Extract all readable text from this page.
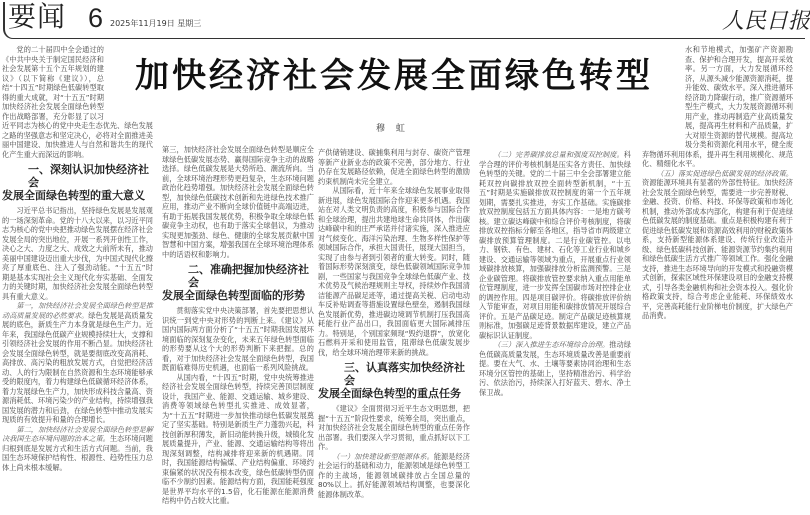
要闻 6 2025年11月19日 星期三	人民日报
加快经济社会发展全面绿色转型
穆 虹

党的二十届四中全会通过的《中共中央关于制定国民经济和社会发展第十五个五年规划的建议》（以下简称《建议》），总结“十四五”时期绿色低碳转型取得的重大成就，对“十五五”时期加快经济社会发展全面绿色转型作出战略部署，充分彰显了以习近平同志为核心的党中央走生态优先、绿色发展之路的坚强意志和坚定决心，必将对全面推进美丽中国建设、加快推进人与自然和谐共生的现代化产生重大而深远的影响。

一、深刻认识加快经济社会
发展全面绿色转型的重大意义

习近平总书记指出，坚持绿色发展是发展观的一场深刻革命。党的十八大以来，以习近平同志为核心的党中央把推动绿色发展摆在经济社会发展全局的突出地位，开展一系列开创性工作，决心之大、力度之大、成效之大前所未有，推动美丽中国建设迈出重大步伐，为中国式现代化擦亮了厚重底色、注入了强劲动能。“十五五”时期是基本实现社会主义现代化夯实基础、全面发力的关键时期，加快经济社会发展全面绿色转型具有重大意义。

第一，加快经济社会发展全面绿色转型是推动高质量发展的必然要求。绿色发展是高质量发展的底色，新质生产力本身就是绿色生产力。近年来，我国绿色低碳产业规模持续壮大，支撑和引领经济社会发展的作用不断凸显。加快经济社会发展全面绿色转型，就是要彻底改变高消耗、高排放、高污染的粗放发展方式，自觉把经济活动、人的行为限制在自然资源和生态环境能够承受的限度内，着力构建绿色低碳循环经济体系，着力发展绿色生产力，加快形成科技含量高、资源消耗低、环境污染少的产业结构，持续增强我国发展的潜力和后劲，在绿色转型中推动发展实现质的有效提升和量的合理增长。

第二，加快经济社会发展全面绿色转型是解决我国生态环境问题的治本之策。生态环境问题归根到底是发展方式和生活方式问题。当前，我国生态环境保护结构性、根源性、趋势性压力总体上尚未根本缓解。

第三，加快经济社会发展全面绿色转型是顺应全球绿色低碳发展态势、赢得国际竞争主动的战略选择。绿色低碳发展是大势所趋、潮流所向。当前，全球环境治理形势更趋复杂，生态环境问题政治化趋势增强。加快经济社会发展全面绿色转型，加快绿色低碳技术创新和先进绿色技术推广应用，推动产业不断向全球价值链中高端迈进，有助于拓展我国发展优势，积极争取全球绿色低碳竞争主动权，也有助于落实全球倡议，为推动实现更加强劲、绿色、健康的全球发展贡献中国智慧和中国方案，增强我国在全球环境治理体系中的话语权和影响力。

二、准确把握加快经济社会
发展全面绿色转型面临的形势

贯彻落实党中央决策部署，首先要把思想认识统一到党中央对形势的判断上来。《建议》从国内国际两方面分析了“十五五”时期我国发展环境面临的深刻复杂变化，未来五年绿色转型面临的形势要从这个大的形势判断下来把握。总的看，对于加快经济社会发展全面绿色转型，我国既面临难得历史机遇，也面临一系列风险挑战。

从国内看，“十四五”时期，党中央统筹推进经济社会发展全面绿色转型，持续完善顶层制度设计，我国产业、能源、交通运输、城乡建设、消费等领域绿色转型扎实推进、成效显著，为“十五五”时期进一步加快推动绿色低碳发展奠定了坚实基础。特别是新质生产力蓬勃兴起，科技创新厚积薄发，新旧动能转换升级，城镇化发展质量提升，产业、能源、交通运输结构等将出现深刻调整，结构减排将迎来新的机遇期。同时，我国能源结构偏煤、产业结构偏重、环境约束偏紧的状况没有根本改变，绿色低碳转型仍面临不少制约因素。能源结构方面，我国能耗强度是世界平均水平的1.5倍，化石能源在能源消费结构中仍占较大比重。

产供储销建设、碳捕集利用与封存、碳资产管理等新产业新业态的政策不完善，部分地方、行业仍存在发展路径依赖，促进全面绿色转型的激励约束机制尚未完全建立。

从国际看，近十年来全球绿色发展事业取得新进展，绿色发展国际合作迎来更多机遇。我国站在对人类文明负责的高度，积极参与国际合作和全球治理，提出共建地球生命共同体，作出碳达峰碳中和的庄严承诺并付诸实施，深入推进应对气候变化、海洋污染治理、生物多样性保护等领域国际合作，承担大国责任，展现大国担当，实现了由参与者到引领者的重大转变。同时，随着国际形势深刻演变，绿色低碳领域国际竞争加剧，一些国家与我国竞争全球绿色低碳产业、技术优势及气候治理规则主导权，持续炒作我国清洁能源产品碳足迹等，通过提高关税、启动电动车反补贴调查等措施设置绿色壁垒，遏制我国绿色发展新优势，推进碳边境调节机制打压我国高耗能行业产品出口，我国面临更大国际减排压力。特别是，个别国家频现“毁约退群”，放宽化石燃料开采和使用监管，阻滞绿色低碳发展步伐，给全球环境治理带来新的挑战。

三、认真落实加快经济社会
发展全面绿色转型的重点任务

《建议》全面贯彻习近平生态文明思想，把握“十五五”阶段性要求，统筹全局，突出重点，对加快经济社会发展全面绿色转型的重点任务作出部署。我们要深入学习贯彻，重点抓好以下工作。

（一）加快建设新型能源体系。能源是经济社会运行的基础和动力，能源领域是绿色转型工作的主战场，能源领域碳排放占全国总量的80%以上。抓好能源领域结构调整，也要深化能源体制改革。

（二）完善碳排放总量和强度双控制度。科学合理的评价考核机制是压实各方责任、加快绿色转型的关键。党的二十届三中全会部署建立能耗双控向碳排放双控全面转型新机制，“十五五”时期是实施碳排放双控制度的第一个五年规划期，需要扎实推进，夯实工作基础。实施碳排放双控制度包括五方面具体内容：一是地方碳考核。建立碳达峰碳中和综合评价考核制度，将碳排放双控指标分解至各地区，指导省市两级建立碳排放预算管理制度。二是行业碳管控。以电力、钢铁、有色、建材、石化等工业行业和城乡建设、交通运输等领域为重点，开展重点行业领域碳排放核算，加强碳排放分析监测预警。三是企业碳管理。将碳排放管控要求纳入重点用能单位管理制度，进一步发挥全国碳市场对控排企业的调控作用。四是项目碳评价。将碳排放评价纳入节能审查，对项目用能和碳排放情况开展综合评价。五是产品碳足迹。制定产品碳足迹核算规则标准，加强碳足迹背景数据库建设，建立产品碳标识认证制度。

（三）深入推进生态环境综合治理。推动绿色低碳高质量发展，生态环境质量改善是重要前提。要在大气、水、土壤等要素协同治理和生态环境分区管控的基础上，坚持精准治污、科学治污、依法治污，持续深入打好蓝天、碧水、净土保卫战。

水和节地模式，加强矿产资源勘查、保护和合理开发，提高开采效率。另一方面，大力发展循环经济，从源头减少能源资源消耗，提升能效、碳效水平。深入推进循环经济助力降碳行动，推广资源循环型生产模式，大力发展资源循环利用产业，推动再制造产业高质量发展，提高再生材料和产品质量，扩大对原生资源的替代规模。提高垃圾分类和资源化利用水平，健全废弃物循环利用体系，提升再生利用规模化、规范化、精细化水平。

（五）落实促进绿色低碳发展的经济政策。资源能源环境具有显著的外部性特征。加快经济社会发展全面绿色转型，需要进一步完善财税、金融、投资、价格、科技、环保等政策和市场化机制，推动外部成本内部化，构建有利于促进绿色低碳发展的制度基础。重点是积极构建有利于促进绿色低碳发展和资源高效利用的财税政策体系，支持新型能源体系建设、传统行业改造升级、绿色低碳科技创新、能源资源节约集约利用和绿色低碳生活方式推广等领域工作。强化金融支持，推进生态环境导向的开发模式和投融资模式创新，探索区域性环保建设项目的金融支持模式，引导各类金融机构和社会资本投入。强化价格政策支持，综合考虑企业能耗、环保绩效水平，完善高耗能行业阶梯电价制度，扩大绿色产品消费。
